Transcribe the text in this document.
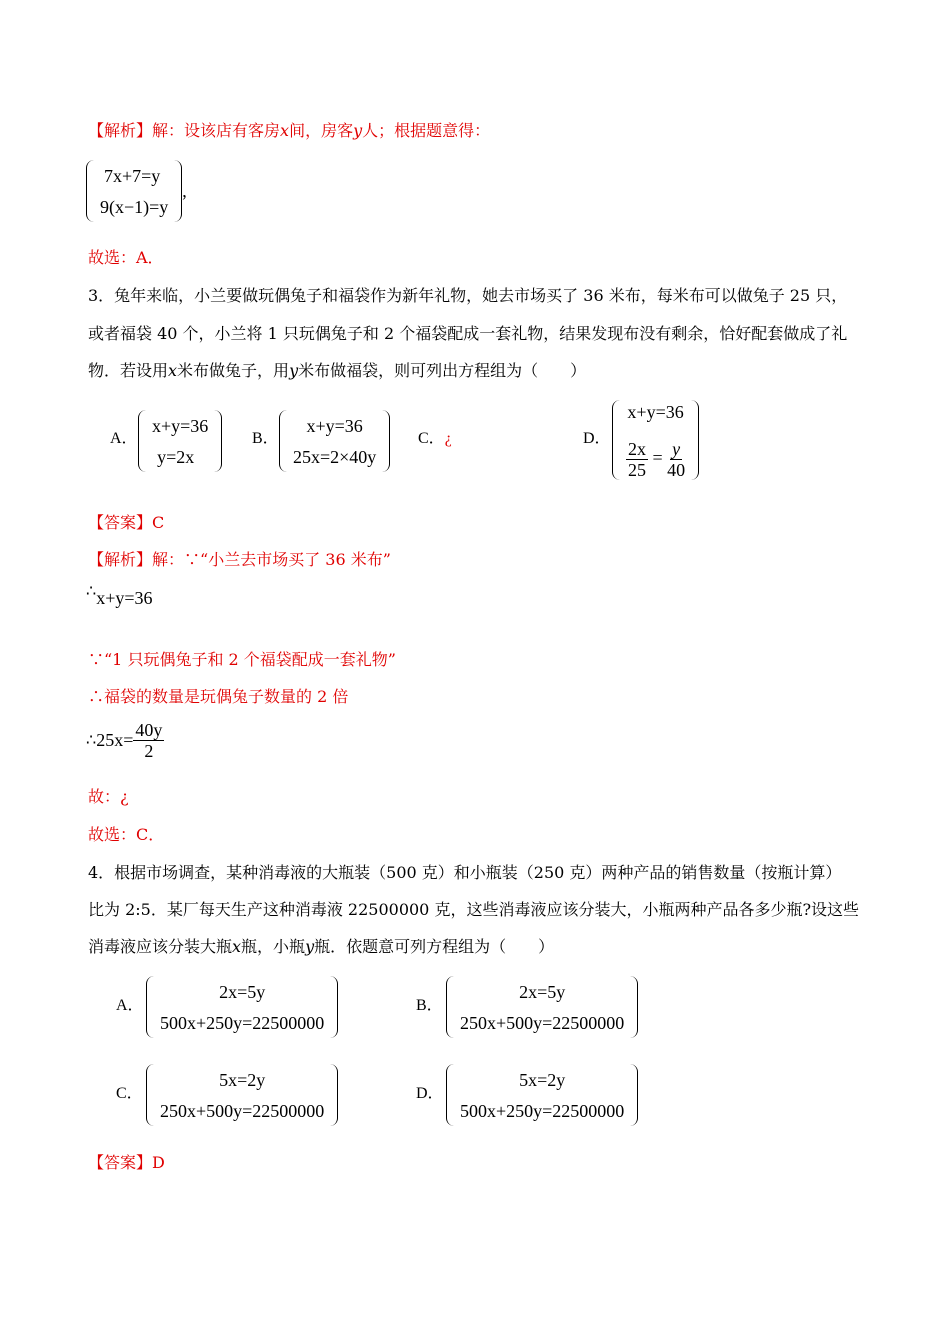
【解析】解：设该店有客房x间，房客y人；根据题意得：
7x+7=y
9(x−1)=y
,
故选：A．
3．兔年来临，小兰要做玩偶兔子和福袋作为新年礼物，她去市场买了 36 米布，每米布可以做兔子 25 只，
或者福袋 40 个，小兰将 1 只玩偶兔子和 2 个福袋配成一套礼物，结果发现布没有剩余，恰好配套做成了礼
物．若设用x米布做兔子，用y米布做福袋，则可列出方程组为（　　）
A．
x+y=36
y=2x
B．
x+y=36
25x=2×40y
C．¿	D．
x+y=36
$\frac{2x}{25} = \frac{y}{40}$
【答案】C
【解析】解：∵“小兰去市场买了 36 米布”
∴x+y=36
∵“1 只玩偶兔子和 2 个福袋配成一套礼物”
∴福袋的数量是玩偶兔子数量的 2 倍
∴25x= $\frac{40y}{2}$
故：¿
故选：C．
4．根据市场调查，某种消毒液的大瓶装（500 克）和小瓶装（250 克）两种产品的销售数量（按瓶计算）
比为 2:5．某厂每天生产这种消毒液 22500000 克，这些消毒液应该分装大，小瓶两种产品各多少瓶?设这些
消毒液应该分装大瓶x瓶，小瓶y瓶．依题意可列方程组为（　　）
A．
2x=5y
500x+250y=22500000
B．
2x=5y
250x+500y=22500000
C．
5x=2y
250x+500y=22500000
D．
5x=2y
500x+250y=22500000
【答案】D
